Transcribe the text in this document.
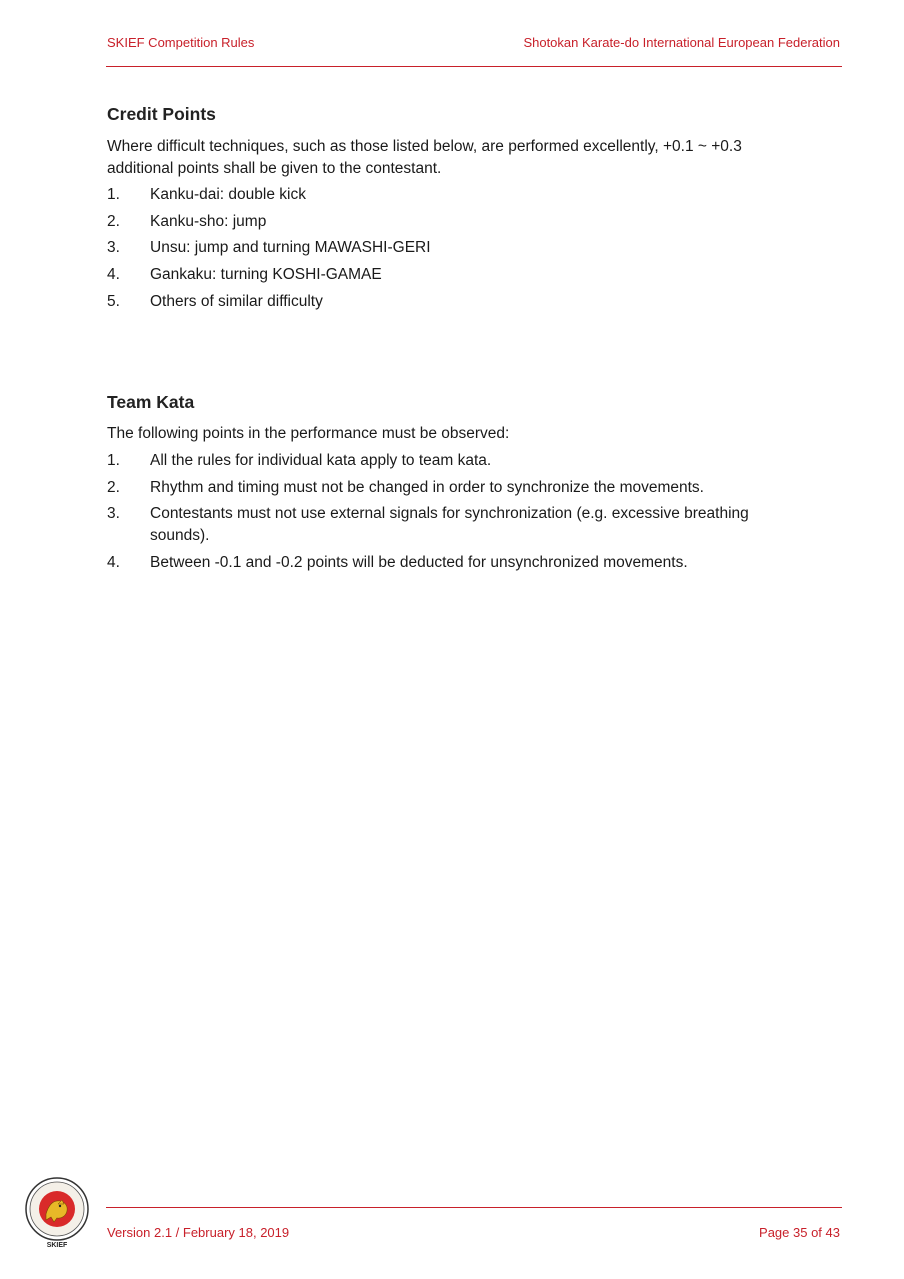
SKIEF Competition Rules	Shotokan Karate-do International European Federation
Credit Points

Where difficult techniques, such as those listed below, are performed excellently, +0.1 ~ +0.3 additional points shall be given to the contestant.

1. Kanku-dai: double kick
2. Kanku-sho: jump
3. Unsu: jump and turning MAWASHI-GERI
4. Gankaku: turning KOSHI-GAMAE
5. Others of similar difficulty
Team Kata

The following points in the performance must be observed:

1. All the rules for individual kata apply to team kata.
2. Rhythm and timing must not be changed in order to synchronize the movements.
3. Contestants must not use external signals for synchronization (e.g. excessive breathing sounds).
4. Between -0.1 and -0.2 points will be deducted for unsynchronized movements.
SKIEF
Version 2.1 / February 18, 2019	Page 35 of 43
